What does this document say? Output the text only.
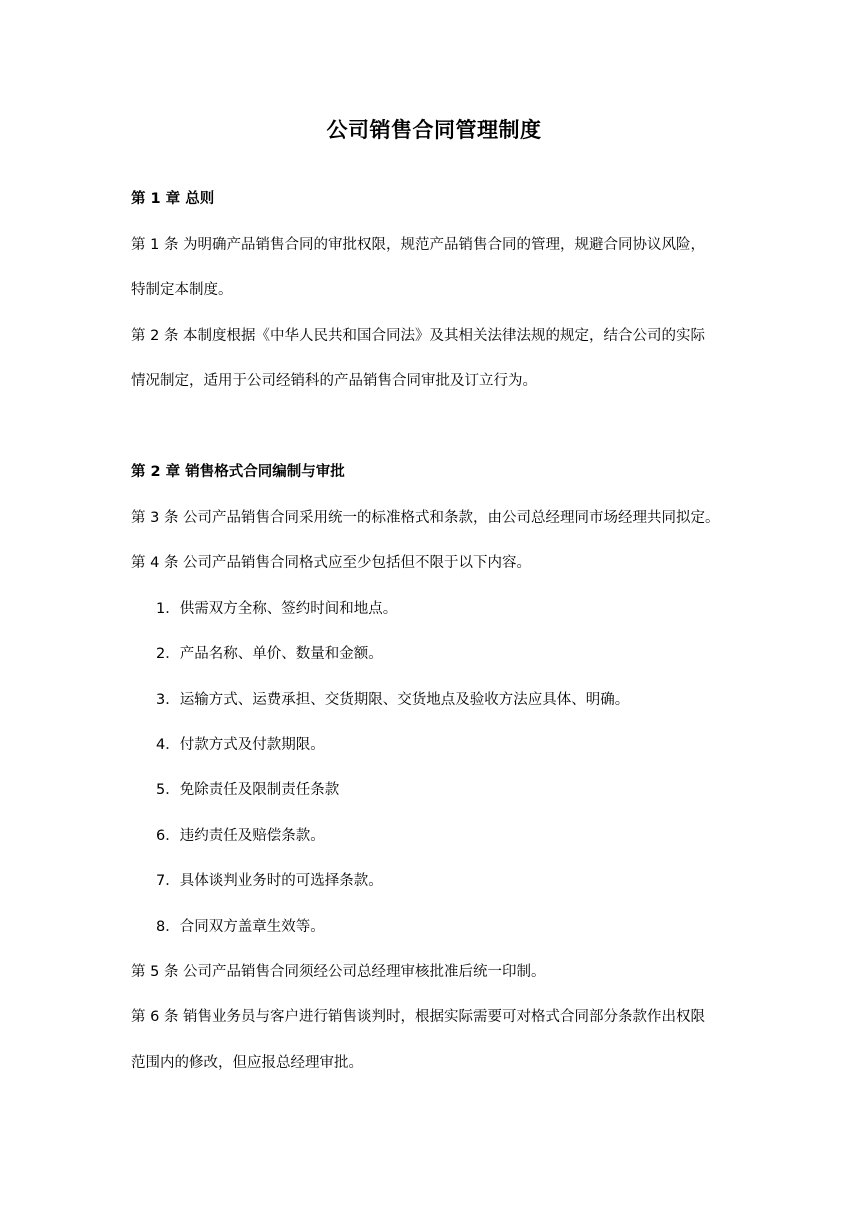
公司销售合同管理制度
第 1 章 总则
第 1 条 为明确产品销售合同的审批权限，规范产品销售合同的管理，规避合同协议风险，
特制定本制度。
第 2 条 本制度根据《中华人民共和国合同法》及其相关法律法规的规定，结合公司的实际
情况制定，适用于公司经销科的产品销售合同审批及订立行为。
第 2 章 销售格式合同编制与审批
第 3 条 公司产品销售合同采用统一的标准格式和条款，由公司总经理同市场经理共同拟定。
第 4 条 公司产品销售合同格式应至少包括但不限于以下内容。
1．供需双方全称、签约时间和地点。
2．产品名称、单价、数量和金额。
3．运输方式、运费承担、交货期限、交货地点及验收方法应具体、明确。
4．付款方式及付款期限。
5．免除责任及限制责任条款
6．违约责任及赔偿条款。
7．具体谈判业务时的可选择条款。
8．合同双方盖章生效等。
第 5 条 公司产品销售合同须经公司总经理审核批准后统一印制。
第 6 条 销售业务员与客户进行销售谈判时，根据实际需要可对格式合同部分条款作出权限
范围内的修改，但应报总经理审批。
